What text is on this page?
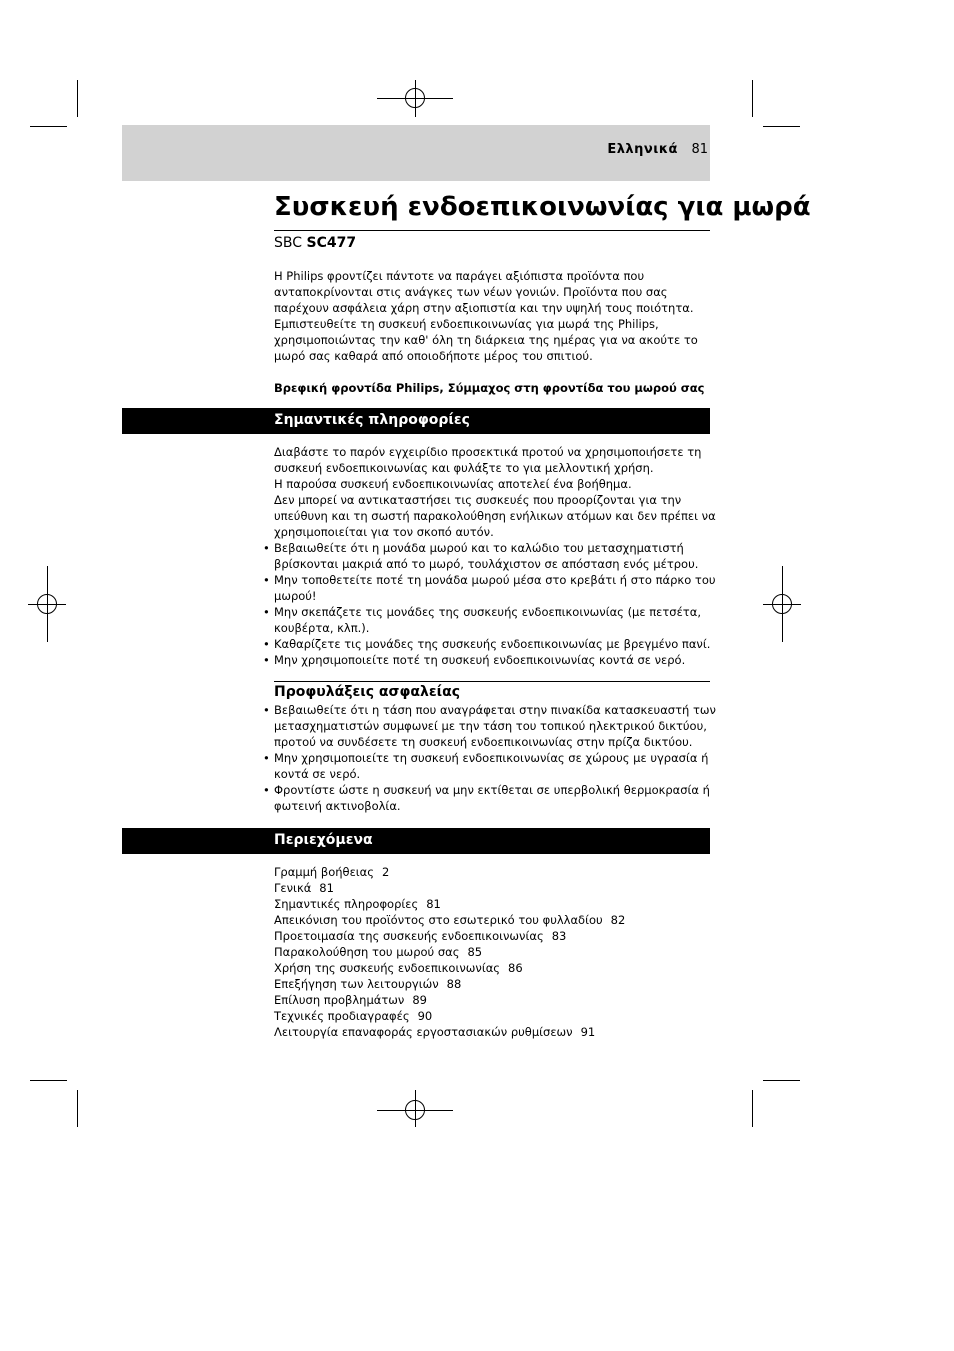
Ελληνικά 81
Συσκευή ενδοεπικοινωνίας για μωρά
SBC SC477

Η Philips φροντίζει πάντοτε να παράγει αξιόπιστα προϊόντα που
ανταποκρίνονται στις ανάγκες των νέων γονιών. Προϊόντα που σας
παρέχουν ασφάλεια χάρη στην αξιοπιστία και την υψηλή τους ποιότητα.
Εμπιστευθείτε τη συσκευή ενδοεπικοινωνίας για μωρά της Philips,
χρησιμοποιώντας την καθ' όλη τη διάρκεια της ημέρας για να ακούτε το
μωρό σας καθαρά από οποιοδήποτε μέρος του σπιτιού.

Βρεφική φροντίδα Philips, Σύμμαχος στη φροντίδα του μωρού σας
Σημαντικές πληροφορίες

Διαβάστε το παρόν εγχειρίδιο προσεκτικά προτού να χρησιμοποιήσετε τη
συσκευή ενδοεπικοινωνίας και φυλάξτε το για μελλοντική χρήση.
Η παρούσα συσκευή ενδοεπικοινωνίας αποτελεί ένα βοήθημα.
Δεν μπορεί να αντικαταστήσει τις συσκευές που προορίζονται για την
υπεύθυνη και τη σωστή παρακολούθηση ενήλικων ατόμων και δεν πρέπει να
χρησιμοποιείται για τον σκοπό αυτόν.

• Βεβαιωθείτε ότι η μονάδα μωρού και το καλώδιο του μετασχηματιστή
βρίσκονται μακριά από το μωρό, τουλάχιστον σε απόσταση ενός μέτρου.
• Μην τοποθετείτε ποτέ τη μονάδα μωρού μέσα στο κρεβάτι ή στο πάρκο του
μωρού!
• Μην σκεπάζετε τις μονάδες της συσκευής ενδοεπικοινωνίας (με πετσέτα,
κουβέρτα, κλπ.).
• Καθαρίζετε τις μονάδες της συσκευής ενδοεπικοινωνίας με βρεγμένο πανί.
• Μην χρησιμοποιείτε ποτέ τη συσκευή ενδοεπικοινωνίας κοντά σε νερό.
Προφυλάξεις ασφαλείας
• Βεβαιωθείτε ότι η τάση που αναγράφεται στην πινακίδα κατασκευαστή των
μετασχηματιστών συμφωνεί με την τάση του τοπικού ηλεκτρικού δικτύου,
προτού να συνδέσετε τη συσκευή ενδοεπικοινωνίας στην πρίζα δικτύου.
• Μην χρησιμοποιείτε τη συσκευή ενδοεπικοινωνίας σε χώρους με υγρασία ή
κοντά σε νερό.
• Φροντίστε ώστε η συσκευή να μην εκτίθεται σε υπερβολική θερμοκρασία ή
φωτεινή ακτινοβολία.
Περιεχόμενα
Γραμμή βοήθειας 2
Γενικά 81
Σημαντικές πληροφορίες 81
Απεικόνιση του προϊόντος στο εσωτερικό του φυλλαδίου 82
Προετοιμασία της συσκευής ενδοεπικοινωνίας 83
Παρακολούθηση του μωρού σας 85
Χρήση της συσκευής ενδοεπικοινωνίας 86
Επεξήγηση των λειτουργιών 88
Επίλυση προβλημάτων 89
Τεχνικές προδιαγραφές 90
Λειτουργία επαναφοράς εργοστασιακών ρυθμίσεων 91
